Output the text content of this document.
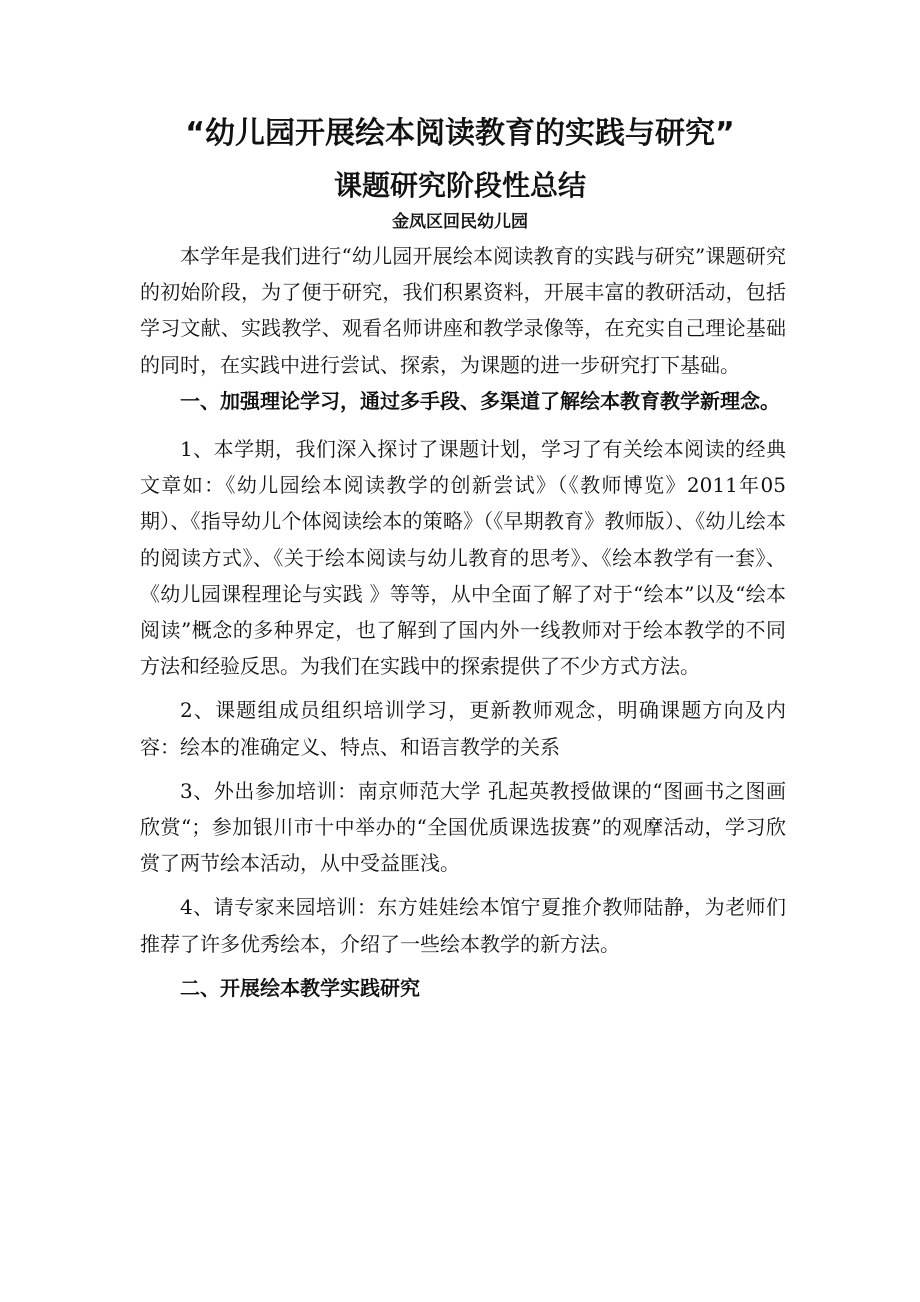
“幼儿园开展绘本阅读教育的实践与研究”
课题研究阶段性总结
金凤区回民幼儿园

本学年是我们进行“幼儿园开展绘本阅读教育的实践与研究”课题研究的初始阶段，为了便于研究，我们积累资料，开展丰富的教研活动，包括学习文献、实践教学、观看名师讲座和教学录像等，在充实自己理论基础的同时，在实践中进行尝试、探索，为课题的进一步研究打下基础。

一、加强理论学习，通过多手段、多渠道了解绘本教育教学新理念。

1、本学期，我们深入探讨了课题计划，学习了有关绘本阅读的经典文章如：《幼儿园绘本阅读教学的创新尝试》（《教师博览》2011年05期）、《指导幼儿个体阅读绘本的策略》（《早期教育》教师版）、《幼儿绘本的阅读方式》、《关于绘本阅读与幼儿教育的思考》、《绘本教学有一套》、《幼儿园课程理论与实践 》等等，从中全面了解了对于“绘本”以及“绘本阅读”概念的多种界定，也了解到了国内外一线教师对于绘本教学的不同方法和经验反思。为我们在实践中的探索提供了不少方式方法。

2、课题组成员组织培训学习，更新教师观念，明确课题方向及内容：绘本的准确定义、特点、和语言教学的关系

3、外出参加培训：南京师范大学 孔起英教授做课的“图画书之图画欣赏“；参加银川市十中举办的“全国优质课选拔赛”的观摩活动，学习欣赏了两节绘本活动，从中受益匪浅。

4、请专家来园培训：东方娃娃绘本馆宁夏推介教师陆静，为老师们推荐了许多优秀绘本，介绍了一些绘本教学的新方法。

二、开展绘本教学实践研究
